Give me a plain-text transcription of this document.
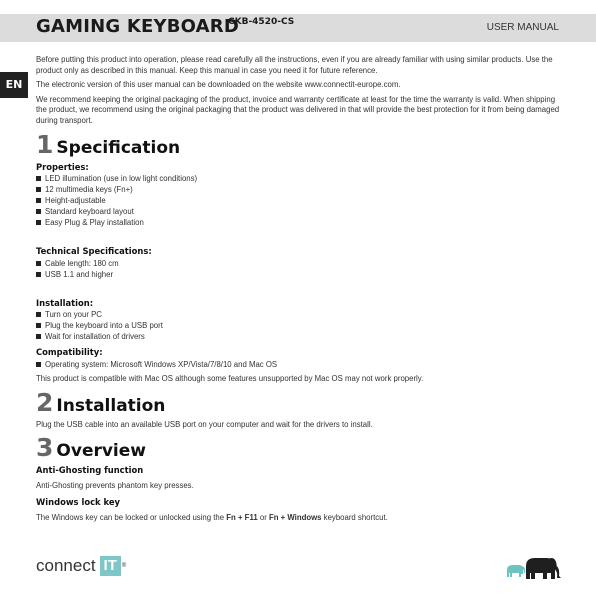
GAMING KEYBOARD
CKB-4520-CS	USER MANUAL
EN

Before putting this product into operation, please read carefully all the instructions, even if you are already familiar with using similar products. Use the product only as described in this manual. Keep this manual in case you need it for future reference.

The electronic version of this user manual can be downloaded on the website www.connectit-europe.com.

We recommend keeping the original packaging of the product, invoice and warranty certificate at least for the time the warranty is valid. When shipping the product, we recommend using the original packaging that the product was delivered in that will provide the best protection for it from being damaged during transport.

1 Specification
Properties:
LED illumination (use in low light conditions)
12 multimedia keys (Fn+)
Height-adjustable
Standard keyboard layout
Easy Plug & Play installation
Technical Specifications:
Cable length: 180 cm
USB 1.1 and higher
Installation:
Turn on your PC
Plug the keyboard into a USB port
Wait for installation of drivers
Compatibility:
Operating system: Microsoft Windows XP/Vista/7/8/10 and Mac OS

This product is compatible with Mac OS although some features unsupported by Mac OS may not work properly.

2 Installation

Plug the USB cable into an available USB port on your computer and wait for the drivers to install.

3 Overview
Anti-Ghosting function

Anti-Ghosting prevents phantom key presses.

Windows lock key

The Windows key can be locked or unlocked using the Fn + F11 or Fn + Windows keyboard shortcut.

connect IT ®
